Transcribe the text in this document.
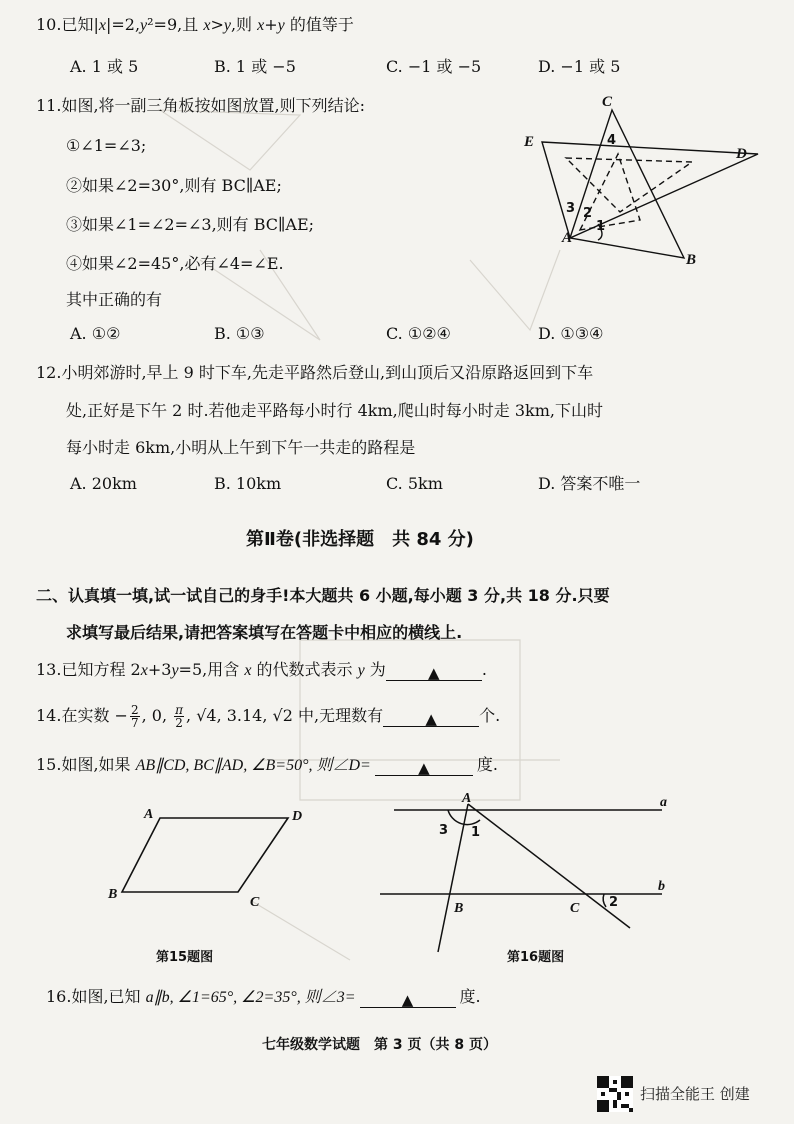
10.已知|x|=2,y²=9,且 x>y,则 x+y 的值等于
A. 1 或 5	B. 1 或 −5	C. −1 或 −5	D. −1 或 5
11.如图,将一副三角板按如图放置,则下列结论:
①∠1=∠3;
②如果∠2=30°,则有 BC∥AE;
③如果∠1=∠2=∠3,则有 BC∥AE;
④如果∠2=45°,必有∠4=∠E.
其中正确的有
A. ①②	B. ①③	C. ①②④	D. ①③④
C
E
D
A
B
4
3 2
1
12.小明郊游时,早上 9 时下车,先走平路然后登山,到山顶后又沿原路返回到下车
处,正好是下午 2 时.若他走平路每小时行 4km,爬山时每小时走 3km,下山时
每小时走 6km,小明从上午到下午一共走的路程是
A. 20km	B. 10km	C. 5km	D. 答案不唯一
第Ⅱ卷(非选择题　共 84 分)
二、认真填一填,试一试自己的身手!本大题共 6 小题,每小题 3 分,共 18 分.只要
求填写最后结果,请把答案填写在答题卡中相应的横线上.
13.已知方程 2x+3y=5,用含 x 的代数式表示 y 为	▲	.
14.在实数 − $\frac{2}{7}$ , 0, $\frac{\pi}{2}$ , √4, 3.14, √2 中,无理数有	▲	个.
15.如图,如果 AB∥CD, BC∥AD, ∠B=50°, 则∠D=	▲	度.
A	D
B
C
第15题图
a
b
A
B	C
3 1
2
第16题图
16.如图,已知 a∥b, ∠1=65°, ∠2=35°, 则∠3=	▲	度.
七年级数学试题　第 3 页（共 8 页）
扫描全能王 创建
